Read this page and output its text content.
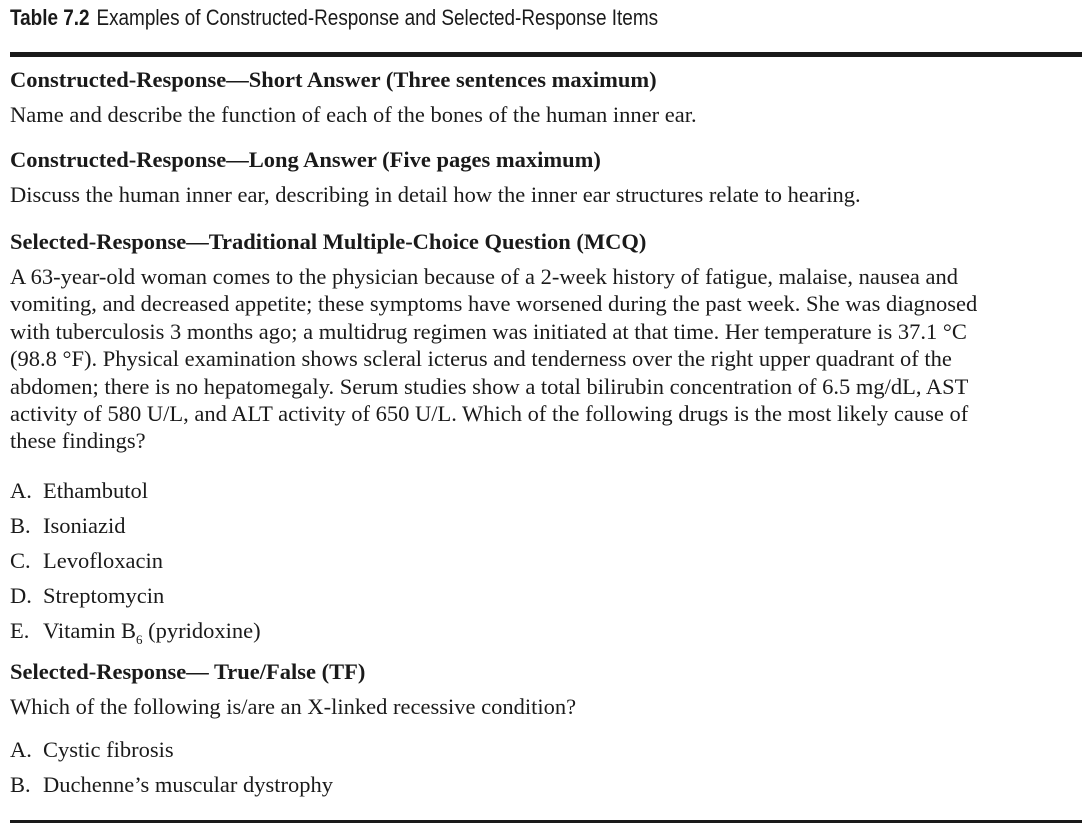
Table 7.2 Examples of Constructed-Response and Selected-Response Items
Constructed-Response—Short Answer (Three sentences maximum)
Name and describe the function of each of the bones of the human inner ear.
Constructed-Response—Long Answer (Five pages maximum)
Discuss the human inner ear, describing in detail how the inner ear structures relate to hearing.
Selected-Response—Traditional Multiple-Choice Question (MCQ)
A 63-year-old woman comes to the physician because of a 2-week history of fatigue, malaise, nausea and
vomiting, and decreased appetite; these symptoms have worsened during the past week. She was diagnosed
with tuberculosis 3 months ago; a multidrug regimen was initiated at that time. Her temperature is 37.1 °C
(98.8 °F). Physical examination shows scleral icterus and tenderness over the right upper quadrant of the
abdomen; there is no hepatomegaly. Serum studies show a total bilirubin concentration of 6.5 mg/dL, AST
activity of 580 U/L, and ALT activity of 650 U/L. Which of the following drugs is the most likely cause of
these findings?
A. Ethambutol
B. Isoniazid
C. Levofloxacin
D. Streptomycin
E. Vitamin $B_6$ (pyridoxine)
Selected-Response— True/False (TF)
Which of the following is/are an X-linked recessive condition?
A. Cystic fibrosis
B. Duchenne’s muscular dystrophy
